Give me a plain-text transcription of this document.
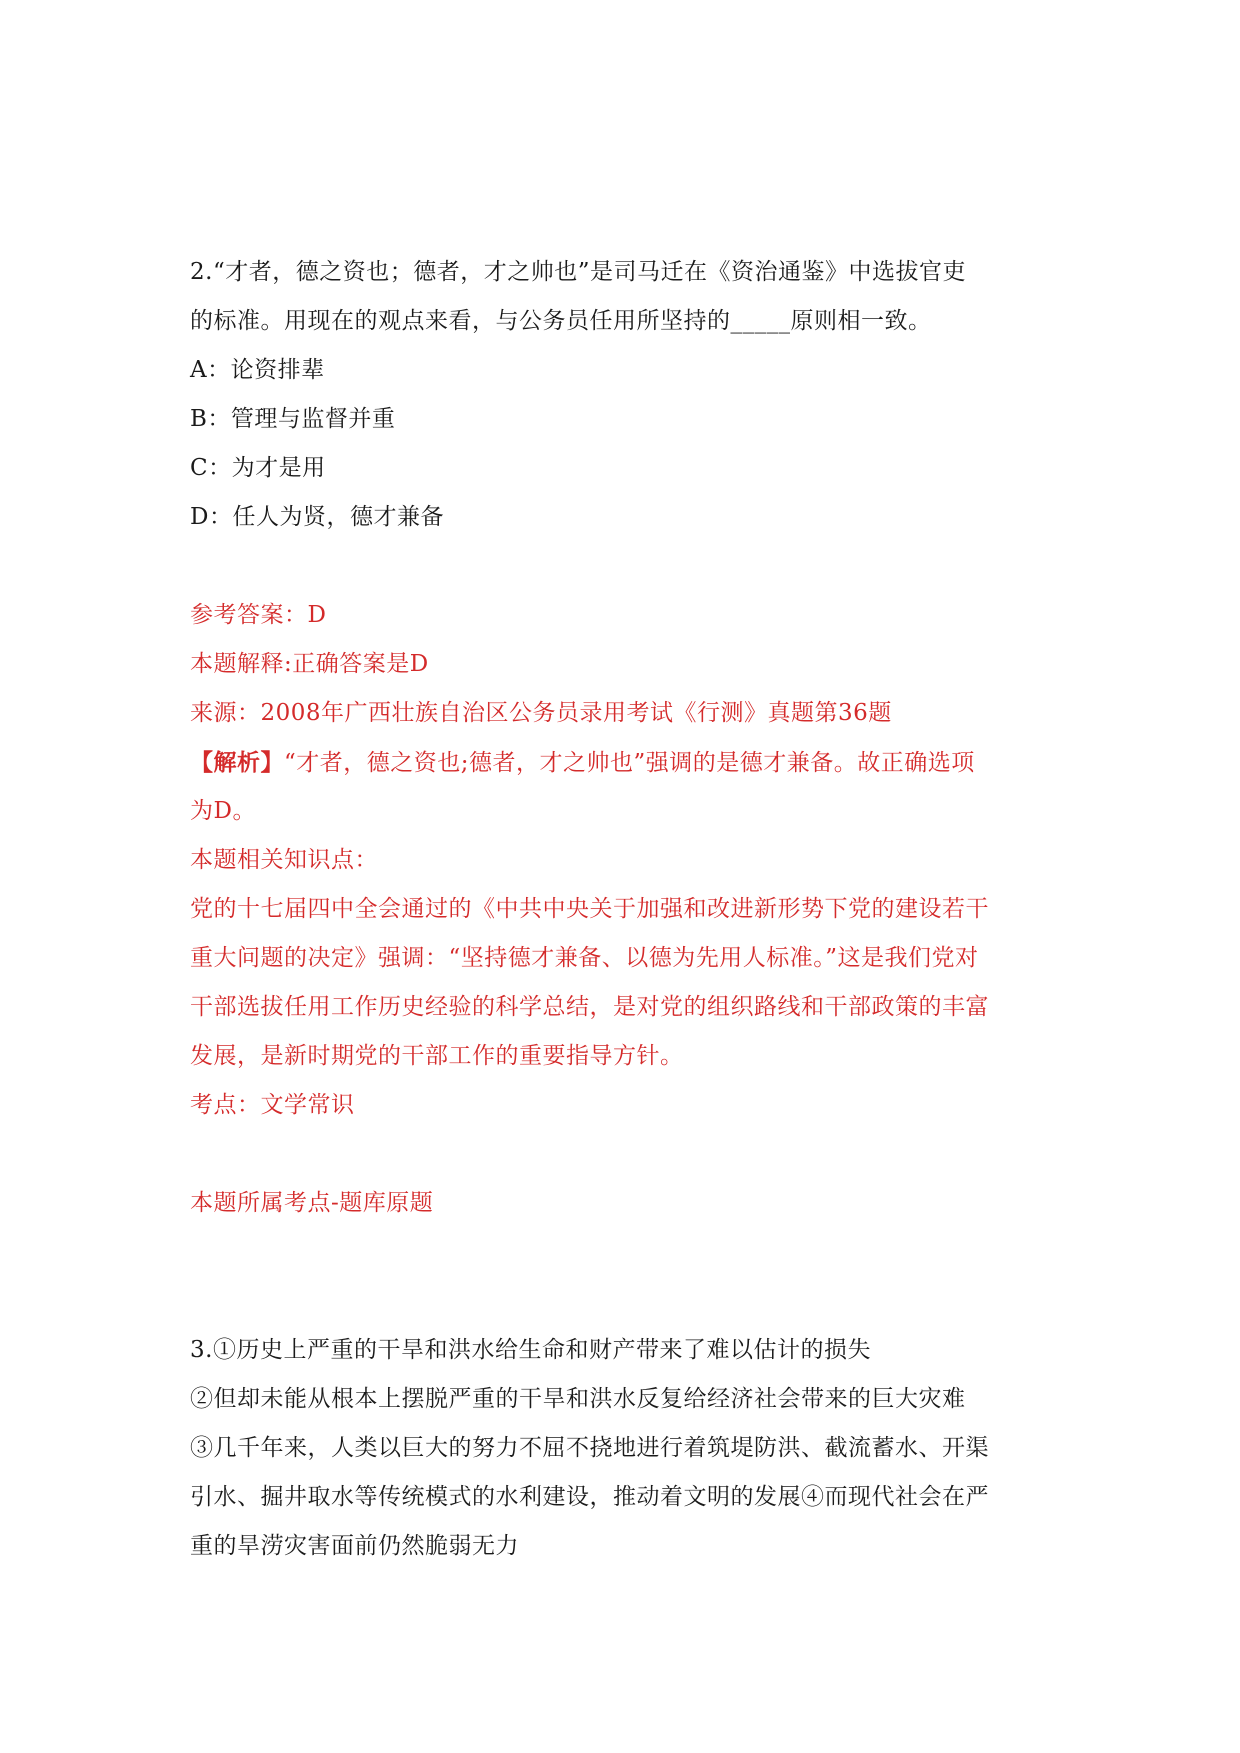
2.“才者，德之资也；德者，才之帅也”是司马迁在《资治通鉴》中选拔官吏
的标准。用现在的观点来看，与公务员任用所坚持的_____原则相一致。
A：论资排辈
B：管理与监督并重
C：为才是用
D：任人为贤，德才兼备
参考答案：D
本题解释:正确答案是D
来源：2008年广西壮族自治区公务员录用考试《行测》真题第36题
【解析】“才者，德之资也;德者，才之帅也”强调的是德才兼备。故正确选项
为D。
本题相关知识点：
党的十七届四中全会通过的《中共中央关于加强和改进新形势下党的建设若干
重大问题的决定》强调：“坚持德才兼备、以德为先用人标准。”这是我们党对
干部选拔任用工作历史经验的科学总结，是对党的组织路线和干部政策的丰富
发展，是新时期党的干部工作的重要指导方针。
考点：文学常识
本题所属考点-题库原题
3.①历史上严重的干旱和洪水给生命和财产带来了难以估计的损失
②但却未能从根本上摆脱严重的干旱和洪水反复给经济社会带来的巨大灾难
③几千年来，人类以巨大的努力不屈不挠地进行着筑堤防洪、截流蓄水、开渠
引水、掘井取水等传统模式的水利建设，推动着文明的发展④而现代社会在严
重的旱涝灾害面前仍然脆弱无力
